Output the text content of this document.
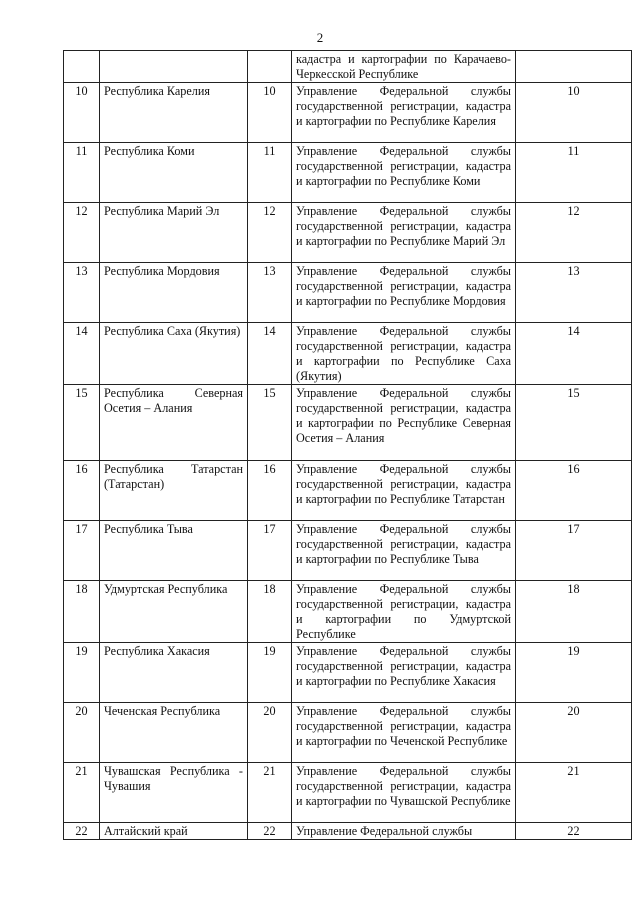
2
			кадастра и картографии по Карачаево-Черкесской Республике	
10	Республика Карелия	10	Управление Федеральной службы государственной регистрации, кадастра и картографии по Республике Карелия	10
11	Республика Коми	11	Управление Федеральной службы государственной регистрации, кадастра и картографии по Республике Коми	11
12	Республика Марий Эл	12	Управление Федеральной службы государственной регистрации, кадастра и картографии по Республике Марий Эл	12
13	Республика Мордовия	13	Управление Федеральной службы государственной регистрации, кадастра и картографии по Республике Мордовия	13
14	Республика Саха (Якутия)	14	Управление Федеральной службы государственной регистрации, кадастра и картографии по Республике Саха (Якутия)	14
15	Республика Северная Осетия – Алания	15	Управление Федеральной службы государственной регистрации, кадастра и картографии по Республике Северная Осетия – Алания	15
16	Республика Татарстан (Татарстан)	16	Управление Федеральной службы государственной регистрации, кадастра и картографии по Республике Татарстан	16
17	Республика Тыва	17	Управление Федеральной службы государственной регистрации, кадастра и картографии по Республике Тыва	17
18	Удмуртская Республика	18	Управление Федеральной службы государственной регистрации, кадастра и картографии по Удмуртской Республике	18
19	Республика Хакасия	19	Управление Федеральной службы государственной регистрации, кадастра и картографии по Республике Хакасия	19
20	Чеченская Республика	20	Управление Федеральной службы государственной регистрации, кадастра и картографии по Чеченской Республике	20
21	Чувашская Республика - Чувашия	21	Управление Федеральной службы государственной регистрации, кадастра и картографии по Чувашской Республике	21
22	Алтайский край	22	Управление Федеральной службы	22
